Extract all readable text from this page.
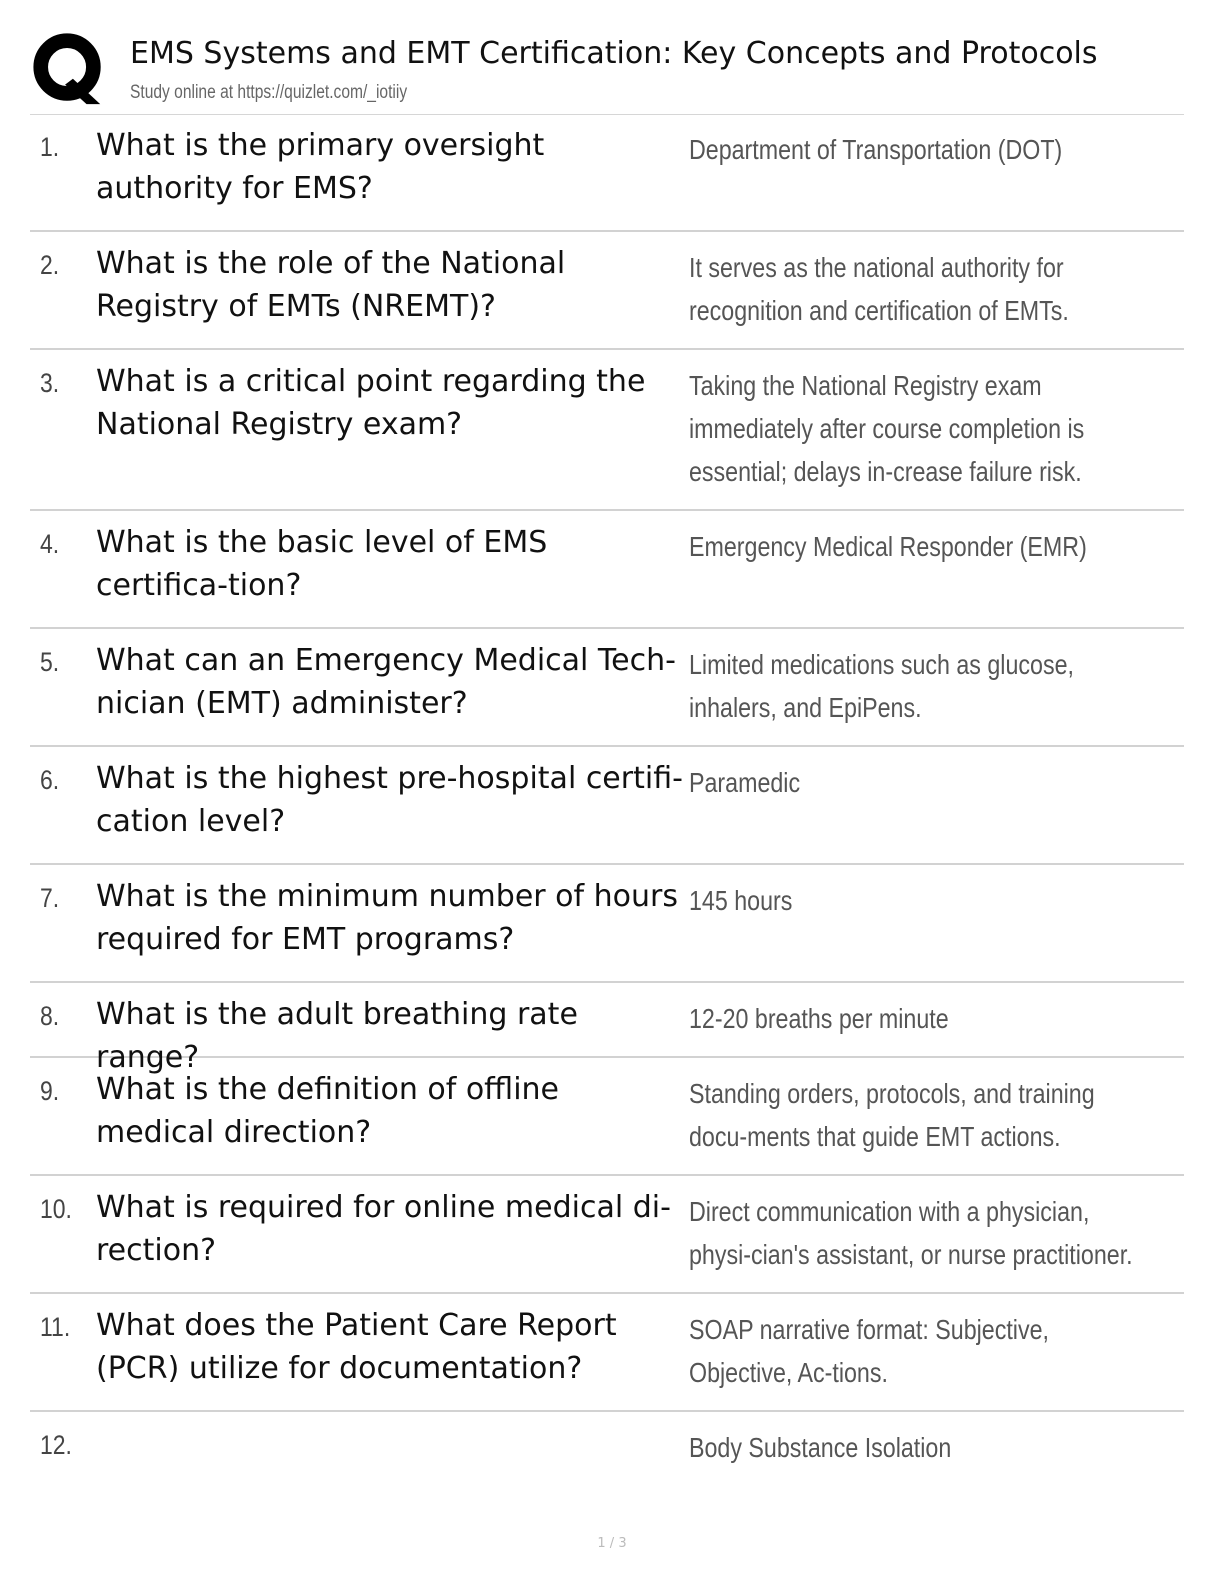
EMS Systems and EMT Certification: Key Concepts and Protocols
Study online at https://quizlet.com/_iotiiy
1. What is the primary oversight authority for EMS?
Department of Transportation (DOT)
2. What is the role of the National Registry of EMTs (NREMT)?
It serves as the national authority for recognition and certification of EMTs.
3. What is a critical point regarding the National Registry exam?
Taking the National Registry exam immediately after course completion is essential; delays in-crease failure risk.
4. What is the basic level of EMS certifica-tion?
Emergency Medical Responder (EMR)
5. What can an Emergency Medical Tech-nician (EMT) administer?
Limited medications such as glucose, inhalers, and EpiPens.
6. What is the highest pre-hospital certifi-cation level?
Paramedic
7. What is the minimum number of hours required for EMT programs?
145 hours
8. What is the adult breathing rate range?
12-20 breaths per minute
9. What is the definition of offline medical direction?
Standing orders, protocols, and training docu-ments that guide EMT actions.
10. What is required for online medical di-rection?
Direct communication with a physician, physi-cian's assistant, or nurse practitioner.
11. What does the Patient Care Report (PCR) utilize for documentation?
SOAP narrative format: Subjective, Objective, Ac-tions.
12.	Body Substance Isolation
1 / 3
